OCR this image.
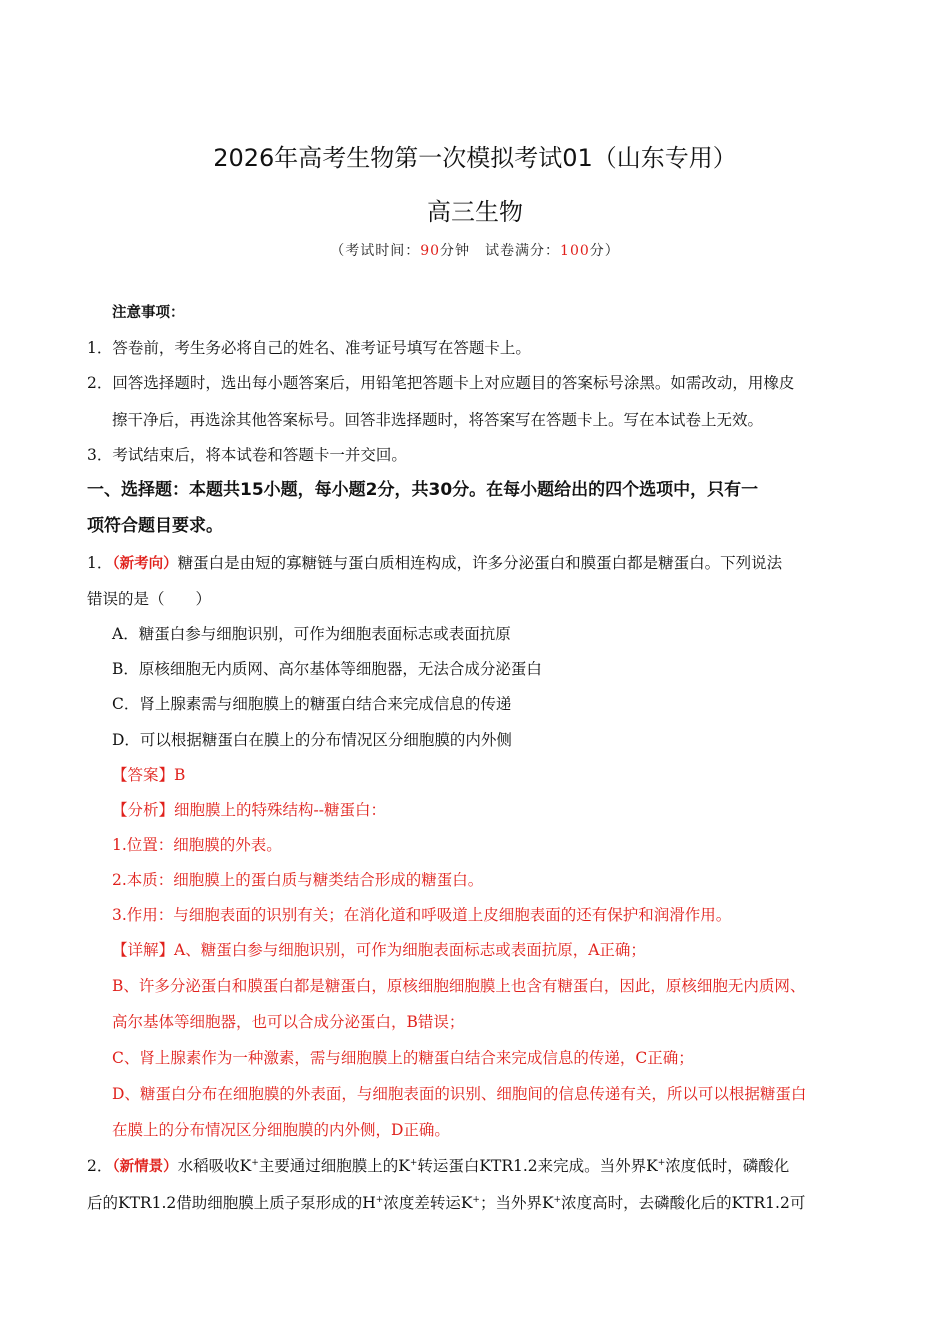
2026年高考生物第一次模拟考试01（山东专用）
高三生物
（考试时间：90分钟　试卷满分：100分）
注意事项：
1．答卷前，考生务必将自己的姓名、准考证号填写在答题卡上。
2．回答选择题时，选出每小题答案后，用铅笔把答题卡上对应题目的答案标号涂黑。如需改动，用橡皮
擦干净后，再选涂其他答案标号。回答非选择题时，将答案写在答题卡上。写在本试卷上无效。
3．考试结束后，将本试卷和答题卡一并交回。
一、选择题：本题共15小题，每小题2分，共30分。在每小题给出的四个选项中，只有一
项符合题目要求。
1．（新考向）糖蛋白是由短的寡糖链与蛋白质相连构成，许多分泌蛋白和膜蛋白都是糖蛋白。下列说法
错误的是（　　）
A．糖蛋白参与细胞识别，可作为细胞表面标志或表面抗原
B．原核细胞无内质网、高尔基体等细胞器，无法合成分泌蛋白
C．肾上腺素需与细胞膜上的糖蛋白结合来完成信息的传递
D．可以根据糖蛋白在膜上的分布情况区分细胞膜的内外侧
【答案】B
【分析】细胞膜上的特殊结构--糖蛋白：
1.位置：细胞膜的外表。
2.本质：细胞膜上的蛋白质与糖类结合形成的糖蛋白。
3.作用：与细胞表面的识别有关；在消化道和呼吸道上皮细胞表面的还有保护和润滑作用。
【详解】A、糖蛋白参与细胞识别，可作为细胞表面标志或表面抗原，A正确；
B、许多分泌蛋白和膜蛋白都是糖蛋白，原核细胞细胞膜上也含有糖蛋白，因此，原核细胞无内质网、
高尔基体等细胞器，也可以合成分泌蛋白，B错误；
C、肾上腺素作为一种激素，需与细胞膜上的糖蛋白结合来完成信息的传递，C正确；
D、糖蛋白分布在细胞膜的外表面，与细胞表面的识别、细胞间的信息传递有关，所以可以根据糖蛋白
在膜上的分布情况区分细胞膜的内外侧，D正确。
2．（新情景）水稻吸收K+主要通过细胞膜上的K+转运蛋白KTR1.2来完成。当外界K+浓度低时，磷酸化
后的KTR1.2借助细胞膜上质子泵形成的H+浓度差转运K+；当外界K+浓度高时，去磷酸化后的KTR1.2可
